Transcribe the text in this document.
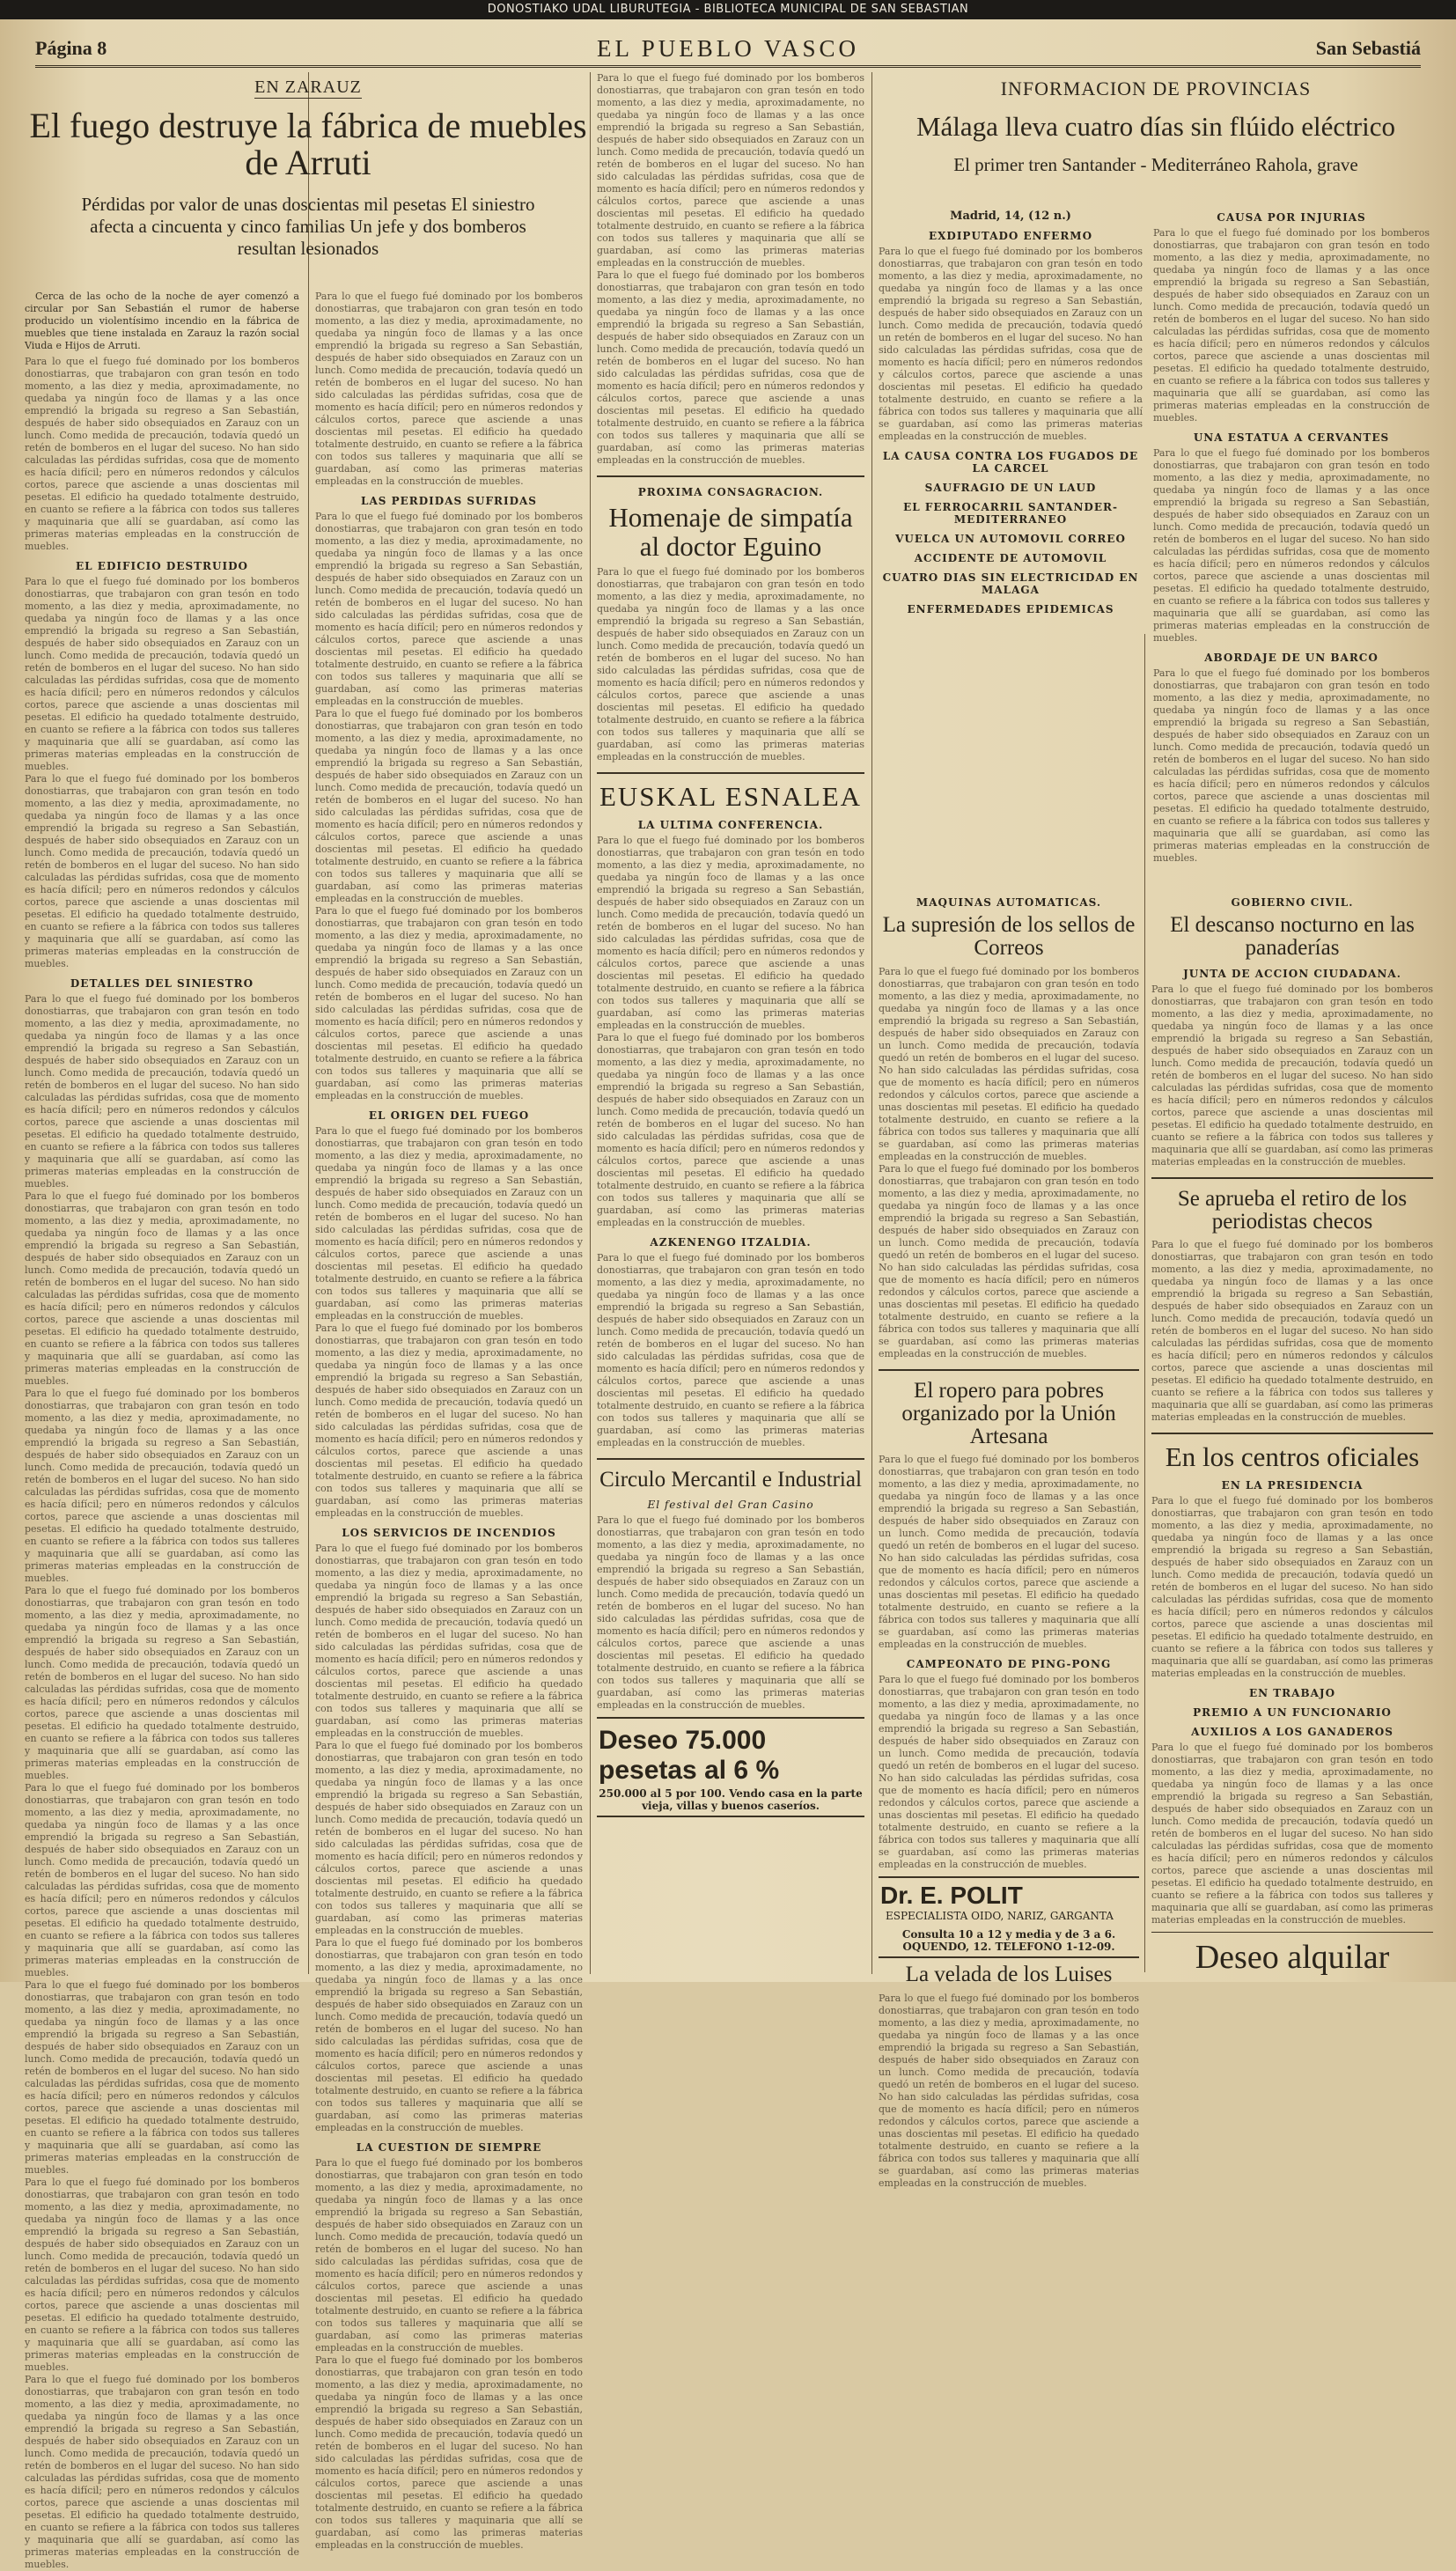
DONOSTIAKO UDAL LIBURUTEGIA - BIBLIOTECA MUNICIPAL DE SAN SEBASTIAN
Página 8	EL PUEBLO VASCO	San Sebastiá
EN ZARAUZ
El fuego destruye la fábrica de muebles de Arruti
Pérdidas por valor de unas doscientas mil pesetas El siniestro afecta a cincuenta y cinco familias Un jefe y dos bomberos resultan lesionados

Cerca de las ocho de la noche de ayer comenzó a circular por San Sebastián el rumor de haberse producido un violentísimo incendio en la fábrica de muebles que tiene instalada en Zarauz la razón social Viuda e Hijos de Arruti.

Para lo que el fuego fué dominado por los bomberos donostiarras, que trabajaron con gran tesón en todo momento, a las diez y media, aproximadamente, no quedaba ya ningún foco de llamas y a las once emprendió la brigada su regreso a San Sebastián, después de haber sido obsequiados en Zarauz con un lunch. Como medida de precaución, todavía quedó un retén de bomberos en el lugar del suceso. No han sido calculadas las pérdidas sufridas, cosa que de momento es hacía difícil; pero en números redondos y cálculos cortos, parece que asciende a unas doscientas mil pesetas. El edificio ha quedado totalmente destruido, en cuanto se refiere a la fábrica con todos sus talleres y maquinaria que allí se guardaban, así como las primeras materias empleadas en la construcción de muebles.

EL EDIFICIO DESTRUIDO

Para lo que el fuego fué dominado por los bomberos donostiarras, que trabajaron con gran tesón en todo momento, a las diez y media, aproximadamente, no quedaba ya ningún foco de llamas y a las once emprendió la brigada su regreso a San Sebastián, después de haber sido obsequiados en Zarauz con un lunch. Como medida de precaución, todavía quedó un retén de bomberos en el lugar del suceso. No han sido calculadas las pérdidas sufridas, cosa que de momento es hacía difícil; pero en números redondos y cálculos cortos, parece que asciende a unas doscientas mil pesetas. El edificio ha quedado totalmente destruido, en cuanto se refiere a la fábrica con todos sus talleres y maquinaria que allí se guardaban, así como las primeras materias empleadas en la construcción de muebles.

Para lo que el fuego fué dominado por los bomberos donostiarras, que trabajaron con gran tesón en todo momento, a las diez y media, aproximadamente, no quedaba ya ningún foco de llamas y a las once emprendió la brigada su regreso a San Sebastián, después de haber sido obsequiados en Zarauz con un lunch. Como medida de precaución, todavía quedó un retén de bomberos en el lugar del suceso. No han sido calculadas las pérdidas sufridas, cosa que de momento es hacía difícil; pero en números redondos y cálculos cortos, parece que asciende a unas doscientas mil pesetas. El edificio ha quedado totalmente destruido, en cuanto se refiere a la fábrica con todos sus talleres y maquinaria que allí se guardaban, así como las primeras materias empleadas en la construcción de muebles.

DETALLES DEL SINIESTRO

Para lo que el fuego fué dominado por los bomberos donostiarras, que trabajaron con gran tesón en todo momento, a las diez y media, aproximadamente, no quedaba ya ningún foco de llamas y a las once emprendió la brigada su regreso a San Sebastián, después de haber sido obsequiados en Zarauz con un lunch. Como medida de precaución, todavía quedó un retén de bomberos en el lugar del suceso. No han sido calculadas las pérdidas sufridas, cosa que de momento es hacía difícil; pero en números redondos y cálculos cortos, parece que asciende a unas doscientas mil pesetas. El edificio ha quedado totalmente destruido, en cuanto se refiere a la fábrica con todos sus talleres y maquinaria que allí se guardaban, así como las primeras materias empleadas en la construcción de muebles.

Para lo que el fuego fué dominado por los bomberos donostiarras, que trabajaron con gran tesón en todo momento, a las diez y media, aproximadamente, no quedaba ya ningún foco de llamas y a las once emprendió la brigada su regreso a San Sebastián, después de haber sido obsequiados en Zarauz con un lunch. Como medida de precaución, todavía quedó un retén de bomberos en el lugar del suceso. No han sido calculadas las pérdidas sufridas, cosa que de momento es hacía difícil; pero en números redondos y cálculos cortos, parece que asciende a unas doscientas mil pesetas. El edificio ha quedado totalmente destruido, en cuanto se refiere a la fábrica con todos sus talleres y maquinaria que allí se guardaban, así como las primeras materias empleadas en la construcción de muebles.

Para lo que el fuego fué dominado por los bomberos donostiarras, que trabajaron con gran tesón en todo momento, a las diez y media, aproximadamente, no quedaba ya ningún foco de llamas y a las once emprendió la brigada su regreso a San Sebastián, después de haber sido obsequiados en Zarauz con un lunch. Como medida de precaución, todavía quedó un retén de bomberos en el lugar del suceso. No han sido calculadas las pérdidas sufridas, cosa que de momento es hacía difícil; pero en números redondos y cálculos cortos, parece que asciende a unas doscientas mil pesetas. El edificio ha quedado totalmente destruido, en cuanto se refiere a la fábrica con todos sus talleres y maquinaria que allí se guardaban, así como las primeras materias empleadas en la construcción de muebles.

Para lo que el fuego fué dominado por los bomberos donostiarras, que trabajaron con gran tesón en todo momento, a las diez y media, aproximadamente, no quedaba ya ningún foco de llamas y a las once emprendió la brigada su regreso a San Sebastián, después de haber sido obsequiados en Zarauz con un lunch. Como medida de precaución, todavía quedó un retén de bomberos en el lugar del suceso. No han sido calculadas las pérdidas sufridas, cosa que de momento es hacía difícil; pero en números redondos y cálculos cortos, parece que asciende a unas doscientas mil pesetas. El edificio ha quedado totalmente destruido, en cuanto se refiere a la fábrica con todos sus talleres y maquinaria que allí se guardaban, así como las primeras materias empleadas en la construcción de muebles.

Para lo que el fuego fué dominado por los bomberos donostiarras, que trabajaron con gran tesón en todo momento, a las diez y media, aproximadamente, no quedaba ya ningún foco de llamas y a las once emprendió la brigada su regreso a San Sebastián, después de haber sido obsequiados en Zarauz con un lunch. Como medida de precaución, todavía quedó un retén de bomberos en el lugar del suceso. No han sido calculadas las pérdidas sufridas, cosa que de momento es hacía difícil; pero en números redondos y cálculos cortos, parece que asciende a unas doscientas mil pesetas. El edificio ha quedado totalmente destruido, en cuanto se refiere a la fábrica con todos sus talleres y maquinaria que allí se guardaban, así como las primeras materias empleadas en la construcción de muebles.

Para lo que el fuego fué dominado por los bomberos donostiarras, que trabajaron con gran tesón en todo momento, a las diez y media, aproximadamente, no quedaba ya ningún foco de llamas y a las once emprendió la brigada su regreso a San Sebastián, después de haber sido obsequiados en Zarauz con un lunch. Como medida de precaución, todavía quedó un retén de bomberos en el lugar del suceso. No han sido calculadas las pérdidas sufridas, cosa que de momento es hacía difícil; pero en números redondos y cálculos cortos, parece que asciende a unas doscientas mil pesetas. El edificio ha quedado totalmente destruido, en cuanto se refiere a la fábrica con todos sus talleres y maquinaria que allí se guardaban, así como las primeras materias empleadas en la construcción de muebles.

Para lo que el fuego fué dominado por los bomberos donostiarras, que trabajaron con gran tesón en todo momento, a las diez y media, aproximadamente, no quedaba ya ningún foco de llamas y a las once emprendió la brigada su regreso a San Sebastián, después de haber sido obsequiados en Zarauz con un lunch. Como medida de precaución, todavía quedó un retén de bomberos en el lugar del suceso. No han sido calculadas las pérdidas sufridas, cosa que de momento es hacía difícil; pero en números redondos y cálculos cortos, parece que asciende a unas doscientas mil pesetas. El edificio ha quedado totalmente destruido, en cuanto se refiere a la fábrica con todos sus talleres y maquinaria que allí se guardaban, así como las primeras materias empleadas en la construcción de muebles.

Para lo que el fuego fué dominado por los bomberos donostiarras, que trabajaron con gran tesón en todo momento, a las diez y media, aproximadamente, no quedaba ya ningún foco de llamas y a las once emprendió la brigada su regreso a San Sebastián, después de haber sido obsequiados en Zarauz con un lunch. Como medida de precaución, todavía quedó un retén de bomberos en el lugar del suceso. No han sido calculadas las pérdidas sufridas, cosa que de momento es hacía difícil; pero en números redondos y cálculos cortos, parece que asciende a unas doscientas mil pesetas. El edificio ha quedado totalmente destruido, en cuanto se refiere a la fábrica con todos sus talleres y maquinaria que allí se guardaban, así como las primeras materias empleadas en la construcción de muebles.

Para lo que el fuego fué dominado por los bomberos donostiarras, que trabajaron con gran tesón en todo momento, a las diez y media, aproximadamente, no quedaba ya ningún foco de llamas y a las once emprendió la brigada su regreso a San Sebastián, después de haber sido obsequiados en Zarauz con un lunch. Como medida de precaución, todavía quedó un retén de bomberos en el lugar del suceso. No han sido calculadas las pérdidas sufridas, cosa que de momento es hacía difícil; pero en números redondos y cálculos cortos, parece que asciende a unas doscientas mil pesetas. El edificio ha quedado totalmente destruido, en cuanto se refiere a la fábrica con todos sus talleres y maquinaria que allí se guardaban, así como las primeras materias empleadas en la construcción de muebles.

LAS PERDIDAS SUFRIDAS

Para lo que el fuego fué dominado por los bomberos donostiarras, que trabajaron con gran tesón en todo momento, a las diez y media, aproximadamente, no quedaba ya ningún foco de llamas y a las once emprendió la brigada su regreso a San Sebastián, después de haber sido obsequiados en Zarauz con un lunch. Como medida de precaución, todavía quedó un retén de bomberos en el lugar del suceso. No han sido calculadas las pérdidas sufridas, cosa que de momento es hacía difícil; pero en números redondos y cálculos cortos, parece que asciende a unas doscientas mil pesetas. El edificio ha quedado totalmente destruido, en cuanto se refiere a la fábrica con todos sus talleres y maquinaria que allí se guardaban, así como las primeras materias empleadas en la construcción de muebles.

Para lo que el fuego fué dominado por los bomberos donostiarras, que trabajaron con gran tesón en todo momento, a las diez y media, aproximadamente, no quedaba ya ningún foco de llamas y a las once emprendió la brigada su regreso a San Sebastián, después de haber sido obsequiados en Zarauz con un lunch. Como medida de precaución, todavía quedó un retén de bomberos en el lugar del suceso. No han sido calculadas las pérdidas sufridas, cosa que de momento es hacía difícil; pero en números redondos y cálculos cortos, parece que asciende a unas doscientas mil pesetas. El edificio ha quedado totalmente destruido, en cuanto se refiere a la fábrica con todos sus talleres y maquinaria que allí se guardaban, así como las primeras materias empleadas en la construcción de muebles.

Para lo que el fuego fué dominado por los bomberos donostiarras, que trabajaron con gran tesón en todo momento, a las diez y media, aproximadamente, no quedaba ya ningún foco de llamas y a las once emprendió la brigada su regreso a San Sebastián, después de haber sido obsequiados en Zarauz con un lunch. Como medida de precaución, todavía quedó un retén de bomberos en el lugar del suceso. No han sido calculadas las pérdidas sufridas, cosa que de momento es hacía difícil; pero en números redondos y cálculos cortos, parece que asciende a unas doscientas mil pesetas. El edificio ha quedado totalmente destruido, en cuanto se refiere a la fábrica con todos sus talleres y maquinaria que allí se guardaban, así como las primeras materias empleadas en la construcción de muebles.

EL ORIGEN DEL FUEGO

Para lo que el fuego fué dominado por los bomberos donostiarras, que trabajaron con gran tesón en todo momento, a las diez y media, aproximadamente, no quedaba ya ningún foco de llamas y a las once emprendió la brigada su regreso a San Sebastián, después de haber sido obsequiados en Zarauz con un lunch. Como medida de precaución, todavía quedó un retén de bomberos en el lugar del suceso. No han sido calculadas las pérdidas sufridas, cosa que de momento es hacía difícil; pero en números redondos y cálculos cortos, parece que asciende a unas doscientas mil pesetas. El edificio ha quedado totalmente destruido, en cuanto se refiere a la fábrica con todos sus talleres y maquinaria que allí se guardaban, así como las primeras materias empleadas en la construcción de muebles.

Para lo que el fuego fué dominado por los bomberos donostiarras, que trabajaron con gran tesón en todo momento, a las diez y media, aproximadamente, no quedaba ya ningún foco de llamas y a las once emprendió la brigada su regreso a San Sebastián, después de haber sido obsequiados en Zarauz con un lunch. Como medida de precaución, todavía quedó un retén de bomberos en el lugar del suceso. No han sido calculadas las pérdidas sufridas, cosa que de momento es hacía difícil; pero en números redondos y cálculos cortos, parece que asciende a unas doscientas mil pesetas. El edificio ha quedado totalmente destruido, en cuanto se refiere a la fábrica con todos sus talleres y maquinaria que allí se guardaban, así como las primeras materias empleadas en la construcción de muebles.

LOS SERVICIOS DE INCENDIOS

Para lo que el fuego fué dominado por los bomberos donostiarras, que trabajaron con gran tesón en todo momento, a las diez y media, aproximadamente, no quedaba ya ningún foco de llamas y a las once emprendió la brigada su regreso a San Sebastián, después de haber sido obsequiados en Zarauz con un lunch. Como medida de precaución, todavía quedó un retén de bomberos en el lugar del suceso. No han sido calculadas las pérdidas sufridas, cosa que de momento es hacía difícil; pero en números redondos y cálculos cortos, parece que asciende a unas doscientas mil pesetas. El edificio ha quedado totalmente destruido, en cuanto se refiere a la fábrica con todos sus talleres y maquinaria que allí se guardaban, así como las primeras materias empleadas en la construcción de muebles.

Para lo que el fuego fué dominado por los bomberos donostiarras, que trabajaron con gran tesón en todo momento, a las diez y media, aproximadamente, no quedaba ya ningún foco de llamas y a las once emprendió la brigada su regreso a San Sebastián, después de haber sido obsequiados en Zarauz con un lunch. Como medida de precaución, todavía quedó un retén de bomberos en el lugar del suceso. No han sido calculadas las pérdidas sufridas, cosa que de momento es hacía difícil; pero en números redondos y cálculos cortos, parece que asciende a unas doscientas mil pesetas. El edificio ha quedado totalmente destruido, en cuanto se refiere a la fábrica con todos sus talleres y maquinaria que allí se guardaban, así como las primeras materias empleadas en la construcción de muebles.

Para lo que el fuego fué dominado por los bomberos donostiarras, que trabajaron con gran tesón en todo momento, a las diez y media, aproximadamente, no quedaba ya ningún foco de llamas y a las once emprendió la brigada su regreso a San Sebastián, después de haber sido obsequiados en Zarauz con un lunch. Como medida de precaución, todavía quedó un retén de bomberos en el lugar del suceso. No han sido calculadas las pérdidas sufridas, cosa que de momento es hacía difícil; pero en números redondos y cálculos cortos, parece que asciende a unas doscientas mil pesetas. El edificio ha quedado totalmente destruido, en cuanto se refiere a la fábrica con todos sus talleres y maquinaria que allí se guardaban, así como las primeras materias empleadas en la construcción de muebles.

LA CUESTION DE SIEMPRE

Para lo que el fuego fué dominado por los bomberos donostiarras, que trabajaron con gran tesón en todo momento, a las diez y media, aproximadamente, no quedaba ya ningún foco de llamas y a las once emprendió la brigada su regreso a San Sebastián, después de haber sido obsequiados en Zarauz con un lunch. Como medida de precaución, todavía quedó un retén de bomberos en el lugar del suceso. No han sido calculadas las pérdidas sufridas, cosa que de momento es hacía difícil; pero en números redondos y cálculos cortos, parece que asciende a unas doscientas mil pesetas. El edificio ha quedado totalmente destruido, en cuanto se refiere a la fábrica con todos sus talleres y maquinaria que allí se guardaban, así como las primeras materias empleadas en la construcción de muebles.

Para lo que el fuego fué dominado por los bomberos donostiarras, que trabajaron con gran tesón en todo momento, a las diez y media, aproximadamente, no quedaba ya ningún foco de llamas y a las once emprendió la brigada su regreso a San Sebastián, después de haber sido obsequiados en Zarauz con un lunch. Como medida de precaución, todavía quedó un retén de bomberos en el lugar del suceso. No han sido calculadas las pérdidas sufridas, cosa que de momento es hacía difícil; pero en números redondos y cálculos cortos, parece que asciende a unas doscientas mil pesetas. El edificio ha quedado totalmente destruido, en cuanto se refiere a la fábrica con todos sus talleres y maquinaria que allí se guardaban, así como las primeras materias empleadas en la construcción de muebles.

Para lo que el fuego fué dominado por los bomberos donostiarras, que trabajaron con gran tesón en todo momento, a las diez y media, aproximadamente, no quedaba ya ningún foco de llamas y a las once emprendió la brigada su regreso a San Sebastián, después de haber sido obsequiados en Zarauz con un lunch. Como medida de precaución, todavía quedó un retén de bomberos en el lugar del suceso. No han sido calculadas las pérdidas sufridas, cosa que de momento es hacía difícil; pero en números redondos y cálculos cortos, parece que asciende a unas doscientas mil pesetas. El edificio ha quedado totalmente destruido, en cuanto se refiere a la fábrica con todos sus talleres y maquinaria que allí se guardaban, así como las primeras materias empleadas en la construcción de muebles.

Para lo que el fuego fué dominado por los bomberos donostiarras, que trabajaron con gran tesón en todo momento, a las diez y media, aproximadamente, no quedaba ya ningún foco de llamas y a las once emprendió la brigada su regreso a San Sebastián, después de haber sido obsequiados en Zarauz con un lunch. Como medida de precaución, todavía quedó un retén de bomberos en el lugar del suceso. No han sido calculadas las pérdidas sufridas, cosa que de momento es hacía difícil; pero en números redondos y cálculos cortos, parece que asciende a unas doscientas mil pesetas. El edificio ha quedado totalmente destruido, en cuanto se refiere a la fábrica con todos sus talleres y maquinaria que allí se guardaban, así como las primeras materias empleadas en la construcción de muebles.

PROXIMA CONSAGRACION.
Homenaje de simpatía al doctor Eguino

Para lo que el fuego fué dominado por los bomberos donostiarras, que trabajaron con gran tesón en todo momento, a las diez y media, aproximadamente, no quedaba ya ningún foco de llamas y a las once emprendió la brigada su regreso a San Sebastián, después de haber sido obsequiados en Zarauz con un lunch. Como medida de precaución, todavía quedó un retén de bomberos en el lugar del suceso. No han sido calculadas las pérdidas sufridas, cosa que de momento es hacía difícil; pero en números redondos y cálculos cortos, parece que asciende a unas doscientas mil pesetas. El edificio ha quedado totalmente destruido, en cuanto se refiere a la fábrica con todos sus talleres y maquinaria que allí se guardaban, así como las primeras materias empleadas en la construcción de muebles.

EUSKAL ESNALEA
LA ULTIMA CONFERENCIA.

Para lo que el fuego fué dominado por los bomberos donostiarras, que trabajaron con gran tesón en todo momento, a las diez y media, aproximadamente, no quedaba ya ningún foco de llamas y a las once emprendió la brigada su regreso a San Sebastián, después de haber sido obsequiados en Zarauz con un lunch. Como medida de precaución, todavía quedó un retén de bomberos en el lugar del suceso. No han sido calculadas las pérdidas sufridas, cosa que de momento es hacía difícil; pero en números redondos y cálculos cortos, parece que asciende a unas doscientas mil pesetas. El edificio ha quedado totalmente destruido, en cuanto se refiere a la fábrica con todos sus talleres y maquinaria que allí se guardaban, así como las primeras materias empleadas en la construcción de muebles.

Para lo que el fuego fué dominado por los bomberos donostiarras, que trabajaron con gran tesón en todo momento, a las diez y media, aproximadamente, no quedaba ya ningún foco de llamas y a las once emprendió la brigada su regreso a San Sebastián, después de haber sido obsequiados en Zarauz con un lunch. Como medida de precaución, todavía quedó un retén de bomberos en el lugar del suceso. No han sido calculadas las pérdidas sufridas, cosa que de momento es hacía difícil; pero en números redondos y cálculos cortos, parece que asciende a unas doscientas mil pesetas. El edificio ha quedado totalmente destruido, en cuanto se refiere a la fábrica con todos sus talleres y maquinaria que allí se guardaban, así como las primeras materias empleadas en la construcción de muebles.

AZKENENGO ITZALDIA.

Para lo que el fuego fué dominado por los bomberos donostiarras, que trabajaron con gran tesón en todo momento, a las diez y media, aproximadamente, no quedaba ya ningún foco de llamas y a las once emprendió la brigada su regreso a San Sebastián, después de haber sido obsequiados en Zarauz con un lunch. Como medida de precaución, todavía quedó un retén de bomberos en el lugar del suceso. No han sido calculadas las pérdidas sufridas, cosa que de momento es hacía difícil; pero en números redondos y cálculos cortos, parece que asciende a unas doscientas mil pesetas. El edificio ha quedado totalmente destruido, en cuanto se refiere a la fábrica con todos sus talleres y maquinaria que allí se guardaban, así como las primeras materias empleadas en la construcción de muebles.

Circulo Mercantil e Industrial
El festival del Gran Casino

Para lo que el fuego fué dominado por los bomberos donostiarras, que trabajaron con gran tesón en todo momento, a las diez y media, aproximadamente, no quedaba ya ningún foco de llamas y a las once emprendió la brigada su regreso a San Sebastián, después de haber sido obsequiados en Zarauz con un lunch. Como medida de precaución, todavía quedó un retén de bomberos en el lugar del suceso. No han sido calculadas las pérdidas sufridas, cosa que de momento es hacía difícil; pero en números redondos y cálculos cortos, parece que asciende a unas doscientas mil pesetas. El edificio ha quedado totalmente destruido, en cuanto se refiere a la fábrica con todos sus talleres y maquinaria que allí se guardaban, así como las primeras materias empleadas en la construcción de muebles.

Deseo 75.000 pesetas al 6 %
250.000 al 5 por 100. Vendo casa en la parte vieja, villas y buenos caseríos.
INFORMACION DE PROVINCIAS
Málaga lleva cuatro días sin flúido eléctrico
El primer tren Santander - Mediterráneo Rahola, grave
Madrid, 14, (12 n.)
EXDIPUTADO ENFERMO

Para lo que el fuego fué dominado por los bomberos donostiarras, que trabajaron con gran tesón en todo momento, a las diez y media, aproximadamente, no quedaba ya ningún foco de llamas y a las once emprendió la brigada su regreso a San Sebastián, después de haber sido obsequiados en Zarauz con un lunch. Como medida de precaución, todavía quedó un retén de bomberos en el lugar del suceso. No han sido calculadas las pérdidas sufridas, cosa que de momento es hacía difícil; pero en números redondos y cálculos cortos, parece que asciende a unas doscientas mil pesetas. El edificio ha quedado totalmente destruido, en cuanto se refiere a la fábrica con todos sus talleres y maquinaria que allí se guardaban, así como las primeras materias empleadas en la construcción de muebles.

LA CAUSA CONTRA LOS FUGADOS DE LA CARCEL
SAUFRAGIO DE UN LAUD
EL FERROCARRIL SANTANDER-MEDITERRANEO
VUELCA UN AUTOMOVIL CORREO
ACCIDENTE DE AUTOMOVIL
CUATRO DIAS SIN ELECTRICIDAD EN MALAGA
ENFERMEDADES EPIDEMICAS
CAUSA POR INJURIAS

Para lo que el fuego fué dominado por los bomberos donostiarras, que trabajaron con gran tesón en todo momento, a las diez y media, aproximadamente, no quedaba ya ningún foco de llamas y a las once emprendió la brigada su regreso a San Sebastián, después de haber sido obsequiados en Zarauz con un lunch. Como medida de precaución, todavía quedó un retén de bomberos en el lugar del suceso. No han sido calculadas las pérdidas sufridas, cosa que de momento es hacía difícil; pero en números redondos y cálculos cortos, parece que asciende a unas doscientas mil pesetas. El edificio ha quedado totalmente destruido, en cuanto se refiere a la fábrica con todos sus talleres y maquinaria que allí se guardaban, así como las primeras materias empleadas en la construcción de muebles.

UNA ESTATUA A CERVANTES

Para lo que el fuego fué dominado por los bomberos donostiarras, que trabajaron con gran tesón en todo momento, a las diez y media, aproximadamente, no quedaba ya ningún foco de llamas y a las once emprendió la brigada su regreso a San Sebastián, después de haber sido obsequiados en Zarauz con un lunch. Como medida de precaución, todavía quedó un retén de bomberos en el lugar del suceso. No han sido calculadas las pérdidas sufridas, cosa que de momento es hacía difícil; pero en números redondos y cálculos cortos, parece que asciende a unas doscientas mil pesetas. El edificio ha quedado totalmente destruido, en cuanto se refiere a la fábrica con todos sus talleres y maquinaria que allí se guardaban, así como las primeras materias empleadas en la construcción de muebles.

ABORDAJE DE UN BARCO

Para lo que el fuego fué dominado por los bomberos donostiarras, que trabajaron con gran tesón en todo momento, a las diez y media, aproximadamente, no quedaba ya ningún foco de llamas y a las once emprendió la brigada su regreso a San Sebastián, después de haber sido obsequiados en Zarauz con un lunch. Como medida de precaución, todavía quedó un retén de bomberos en el lugar del suceso. No han sido calculadas las pérdidas sufridas, cosa que de momento es hacía difícil; pero en números redondos y cálculos cortos, parece que asciende a unas doscientas mil pesetas. El edificio ha quedado totalmente destruido, en cuanto se refiere a la fábrica con todos sus talleres y maquinaria que allí se guardaban, así como las primeras materias empleadas en la construcción de muebles.

MAQUINAS AUTOMATICAS.
La supresión de los sellos de Correos

Para lo que el fuego fué dominado por los bomberos donostiarras, que trabajaron con gran tesón en todo momento, a las diez y media, aproximadamente, no quedaba ya ningún foco de llamas y a las once emprendió la brigada su regreso a San Sebastián, después de haber sido obsequiados en Zarauz con un lunch. Como medida de precaución, todavía quedó un retén de bomberos en el lugar del suceso. No han sido calculadas las pérdidas sufridas, cosa que de momento es hacía difícil; pero en números redondos y cálculos cortos, parece que asciende a unas doscientas mil pesetas. El edificio ha quedado totalmente destruido, en cuanto se refiere a la fábrica con todos sus talleres y maquinaria que allí se guardaban, así como las primeras materias empleadas en la construcción de muebles.

Para lo que el fuego fué dominado por los bomberos donostiarras, que trabajaron con gran tesón en todo momento, a las diez y media, aproximadamente, no quedaba ya ningún foco de llamas y a las once emprendió la brigada su regreso a San Sebastián, después de haber sido obsequiados en Zarauz con un lunch. Como medida de precaución, todavía quedó un retén de bomberos en el lugar del suceso. No han sido calculadas las pérdidas sufridas, cosa que de momento es hacía difícil; pero en números redondos y cálculos cortos, parece que asciende a unas doscientas mil pesetas. El edificio ha quedado totalmente destruido, en cuanto se refiere a la fábrica con todos sus talleres y maquinaria que allí se guardaban, así como las primeras materias empleadas en la construcción de muebles.

El ropero para pobres organizado por la Unión Artesana

Para lo que el fuego fué dominado por los bomberos donostiarras, que trabajaron con gran tesón en todo momento, a las diez y media, aproximadamente, no quedaba ya ningún foco de llamas y a las once emprendió la brigada su regreso a San Sebastián, después de haber sido obsequiados en Zarauz con un lunch. Como medida de precaución, todavía quedó un retén de bomberos en el lugar del suceso. No han sido calculadas las pérdidas sufridas, cosa que de momento es hacía difícil; pero en números redondos y cálculos cortos, parece que asciende a unas doscientas mil pesetas. El edificio ha quedado totalmente destruido, en cuanto se refiere a la fábrica con todos sus talleres y maquinaria que allí se guardaban, así como las primeras materias empleadas en la construcción de muebles.

CAMPEONATO DE PING-PONG

Para lo que el fuego fué dominado por los bomberos donostiarras, que trabajaron con gran tesón en todo momento, a las diez y media, aproximadamente, no quedaba ya ningún foco de llamas y a las once emprendió la brigada su regreso a San Sebastián, después de haber sido obsequiados en Zarauz con un lunch. Como medida de precaución, todavía quedó un retén de bomberos en el lugar del suceso. No han sido calculadas las pérdidas sufridas, cosa que de momento es hacía difícil; pero en números redondos y cálculos cortos, parece que asciende a unas doscientas mil pesetas. El edificio ha quedado totalmente destruido, en cuanto se refiere a la fábrica con todos sus talleres y maquinaria que allí se guardaban, así como las primeras materias empleadas en la construcción de muebles.

Dr. E. POLIT ESPECIALISTA OIDO, NARIZ, GARGANTA
Consulta 10 a 12 y media y de 3 a 6. OQUENDO, 12. TELEFONO 1-12-09.
La velada de los Luises

Para lo que el fuego fué dominado por los bomberos donostiarras, que trabajaron con gran tesón en todo momento, a las diez y media, aproximadamente, no quedaba ya ningún foco de llamas y a las once emprendió la brigada su regreso a San Sebastián, después de haber sido obsequiados en Zarauz con un lunch. Como medida de precaución, todavía quedó un retén de bomberos en el lugar del suceso. No han sido calculadas las pérdidas sufridas, cosa que de momento es hacía difícil; pero en números redondos y cálculos cortos, parece que asciende a unas doscientas mil pesetas. El edificio ha quedado totalmente destruido, en cuanto se refiere a la fábrica con todos sus talleres y maquinaria que allí se guardaban, así como las primeras materias empleadas en la construcción de muebles.

GOBIERNO CIVIL.
El descanso nocturno en las panaderías
JUNTA DE ACCION CIUDADANA.

Para lo que el fuego fué dominado por los bomberos donostiarras, que trabajaron con gran tesón en todo momento, a las diez y media, aproximadamente, no quedaba ya ningún foco de llamas y a las once emprendió la brigada su regreso a San Sebastián, después de haber sido obsequiados en Zarauz con un lunch. Como medida de precaución, todavía quedó un retén de bomberos en el lugar del suceso. No han sido calculadas las pérdidas sufridas, cosa que de momento es hacía difícil; pero en números redondos y cálculos cortos, parece que asciende a unas doscientas mil pesetas. El edificio ha quedado totalmente destruido, en cuanto se refiere a la fábrica con todos sus talleres y maquinaria que allí se guardaban, así como las primeras materias empleadas en la construcción de muebles.

Se aprueba el retiro de los periodistas checos

Para lo que el fuego fué dominado por los bomberos donostiarras, que trabajaron con gran tesón en todo momento, a las diez y media, aproximadamente, no quedaba ya ningún foco de llamas y a las once emprendió la brigada su regreso a San Sebastián, después de haber sido obsequiados en Zarauz con un lunch. Como medida de precaución, todavía quedó un retén de bomberos en el lugar del suceso. No han sido calculadas las pérdidas sufridas, cosa que de momento es hacía difícil; pero en números redondos y cálculos cortos, parece que asciende a unas doscientas mil pesetas. El edificio ha quedado totalmente destruido, en cuanto se refiere a la fábrica con todos sus talleres y maquinaria que allí se guardaban, así como las primeras materias empleadas en la construcción de muebles.

En los centros oficiales
EN LA PRESIDENCIA

Para lo que el fuego fué dominado por los bomberos donostiarras, que trabajaron con gran tesón en todo momento, a las diez y media, aproximadamente, no quedaba ya ningún foco de llamas y a las once emprendió la brigada su regreso a San Sebastián, después de haber sido obsequiados en Zarauz con un lunch. Como medida de precaución, todavía quedó un retén de bomberos en el lugar del suceso. No han sido calculadas las pérdidas sufridas, cosa que de momento es hacía difícil; pero en números redondos y cálculos cortos, parece que asciende a unas doscientas mil pesetas. El edificio ha quedado totalmente destruido, en cuanto se refiere a la fábrica con todos sus talleres y maquinaria que allí se guardaban, así como las primeras materias empleadas en la construcción de muebles.

EN TRABAJO
PREMIO A UN FUNCIONARIO
AUXILIOS A LOS GANADEROS

Para lo que el fuego fué dominado por los bomberos donostiarras, que trabajaron con gran tesón en todo momento, a las diez y media, aproximadamente, no quedaba ya ningún foco de llamas y a las once emprendió la brigada su regreso a San Sebastián, después de haber sido obsequiados en Zarauz con un lunch. Como medida de precaución, todavía quedó un retén de bomberos en el lugar del suceso. No han sido calculadas las pérdidas sufridas, cosa que de momento es hacía difícil; pero en números redondos y cálculos cortos, parece que asciende a unas doscientas mil pesetas. El edificio ha quedado totalmente destruido, en cuanto se refiere a la fábrica con todos sus talleres y maquinaria que allí se guardaban, así como las primeras materias empleadas en la construcción de muebles.

Deseo alquilar
